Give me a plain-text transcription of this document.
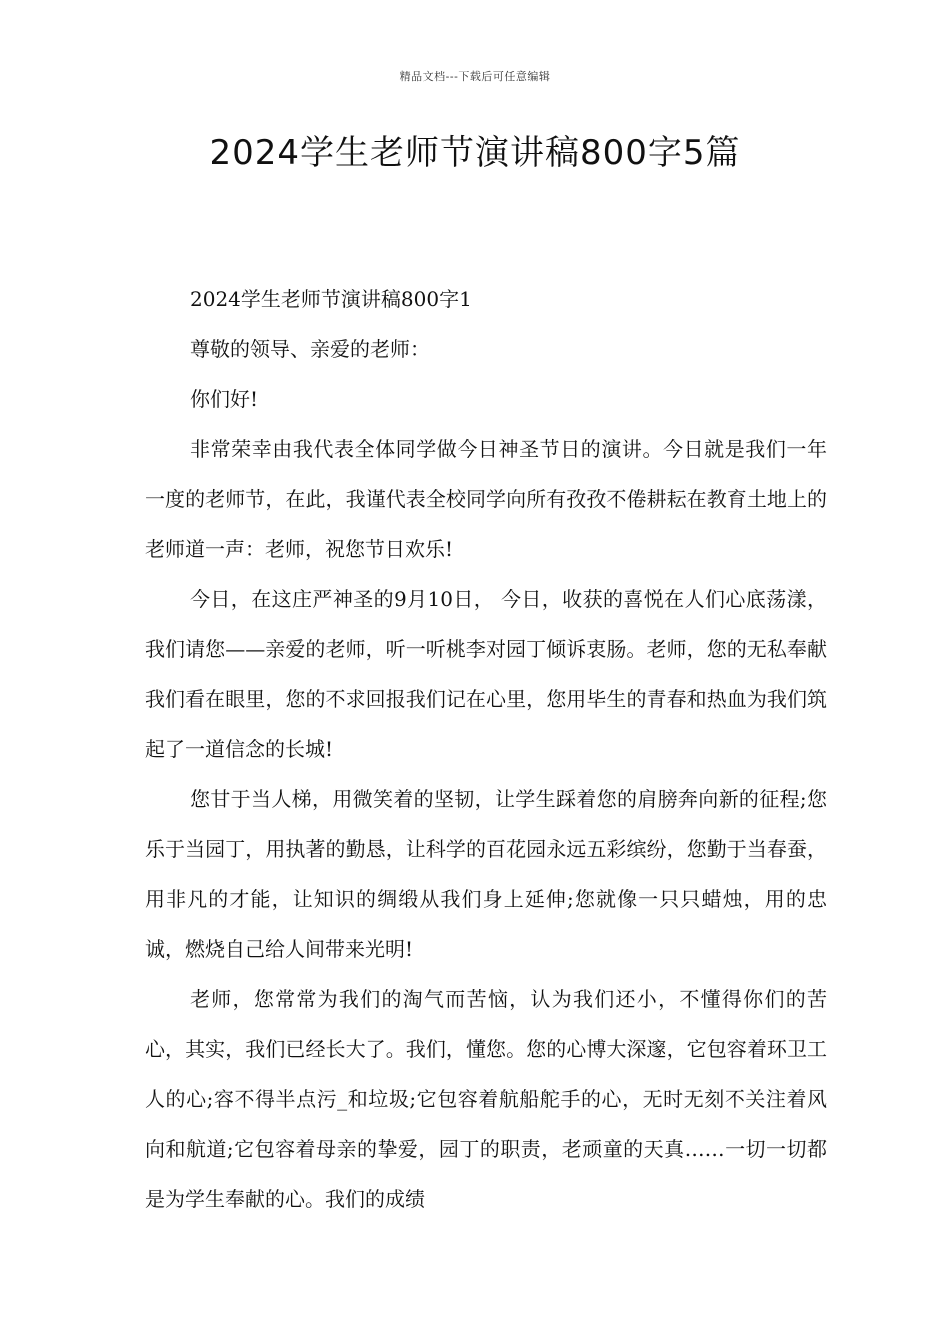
精品文档---下载后可任意编辑
2024学生老师节演讲稿800字5篇

2024学生老师节演讲稿800字1

尊敬的领导、亲爱的老师：

你们好!

非常荣幸由我代表全体同学做今日神圣节日的演讲。今日就是我们一年一度的老师节，在此，我谨代表全校同学向所有孜孜不倦耕耘在教育土地上的老师道一声：老师，祝您节日欢乐!

今日，在这庄严神圣的9月10日， 今日，收获的喜悦在人们心底荡漾，我们请您——亲爱的老师，听一听桃李对园丁倾诉衷肠。老师，您的无私奉献我们看在眼里，您的不求回报我们记在心里，您用毕生的青春和热血为我们筑起了一道信念的长城!

您甘于当人梯，用微笑着的坚韧，让学生踩着您的肩膀奔向新的征程;您乐于当园丁，用执著的勤恳，让科学的百花园永远五彩缤纷，您勤于当春蚕，用非凡的才能，让知识的绸缎从我们身上延伸;您就像一只只蜡烛，用的忠诚，燃烧自己给人间带来光明!

老师，您常常为我们的淘气而苦恼，认为我们还小，不懂得你们的苦心，其实，我们已经长大了。我们，懂您。您的心博大深邃，它包容着环卫工人的心;容不得半点污_和垃圾;它包容着航船舵手的心，无时无刻不关注着风向和航道;它包容着母亲的挚爱，园丁的职责，老顽童的天真……一切一切都是为学生奉献的心。我们的成绩
